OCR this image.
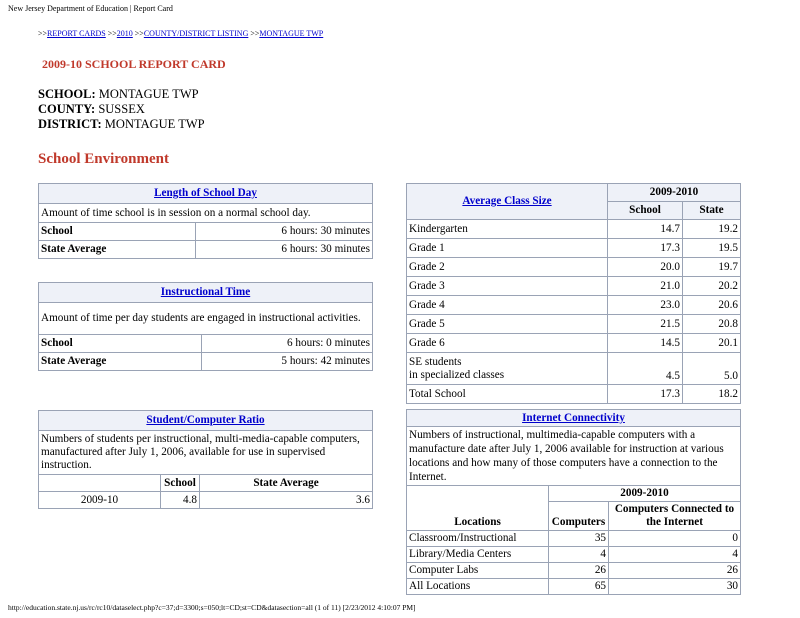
New Jersey Department of Education | Report Card
>>REPORT CARDS >>2010 >>COUNTY/DISTRICT LISTING >>MONTAGUE TWP
2009-10 SCHOOL REPORT CARD
SCHOOL: MONTAGUE TWP
COUNTY: SUSSEX
DISTRICT: MONTAGUE TWP
School Environment
Length of School Day	
Amount of time school is in session on a normal school day.	
School	6 hours: 30 minutes
State Average	6 hours: 30 minutes
Instructional Time	
Amount of time per day students are engaged in instructional activities.	
School	6 hours: 0 minutes
State Average	5 hours: 42 minutes
Student/Computer Ratio		
Numbers of students per instructional, multi-media-capable computers, manufactured after July 1, 2006, available for use in supervised instruction.		
	School	State Average
2009-10	4.8	3.6
Average Class Size	2009-2010	
	School	State
Kindergarten	14.7	19.2
Grade 1	17.3	19.5
Grade 2	20.0	19.7
Grade 3	21.0	20.2
Grade 4	23.0	20.6
Grade 5	21.5	20.8
Grade 6	14.5	20.1

SE students
in specialized classes	4.5	5.0
Total School	17.3	18.2
Internet Connectivity		
Numbers of instructional, multimedia-capable computers with a manufacture date after July 1, 2006 available for instruction at various locations and how many of those computers have a connection to the Internet.		
Locations	2009-2010	
	Computers	Computers Connected to the Internet

Classroom/Instructional	35	0
Library/Media Centers	4	4
Computer Labs	26	26
All Locations	65	30
http://education.state.nj.us/rc/rc10/dataselect.php?c=37;d=3300;s=050;lt=CD;st=CD&datasection=all (1 of 11) [2/23/2012 4:10:07 PM]
